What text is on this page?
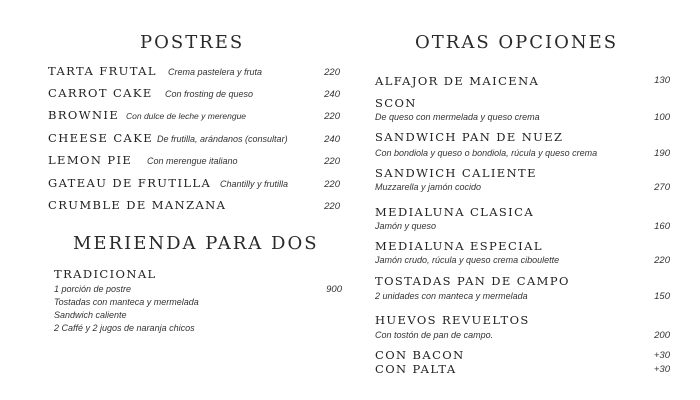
POSTRES
TARTA FRUTAL Crema pastelera y fruta	220
CARROT CAKE Con frosting de queso	240
BROWNIE Con dulce de leche y merengue	220
CHEESE CAKE De frutilla, arándanos (consultar)	240
LEMON PIE Con merengue italiano	220
GATEAU DE FRUTILLA Chantilly y frutilla	220
CRUMBLE DE MANZANA	220
MERIENDA PARA DOS
TRADICIONAL
1 porción de postre	900
Tostadas con manteca y mermelada
Sandwich caliente
2 Caffé y 2 jugos de naranja chicos
OTRAS OPCIONES
ALFAJOR DE MAICENA	130
SCON
De queso con mermelada y queso crema	100
SANDWICH PAN DE NUEZ
Con bondiola y queso o bondiola, rúcula y queso crema	190
SANDWICH CALIENTE
Muzzarella y jamón cocido	270
MEDIALUNA CLASICA
Jamón y queso	160
MEDIALUNA ESPECIAL
Jamón crudo, rúcula y queso crema ciboulette	220
TOSTADAS PAN DE CAMPO
2 unidades con manteca y mermelada	150
HUEVOS REVUELTOS
Con tostón de pan de campo.	200
CON BACON	+30
CON PALTA	+30
